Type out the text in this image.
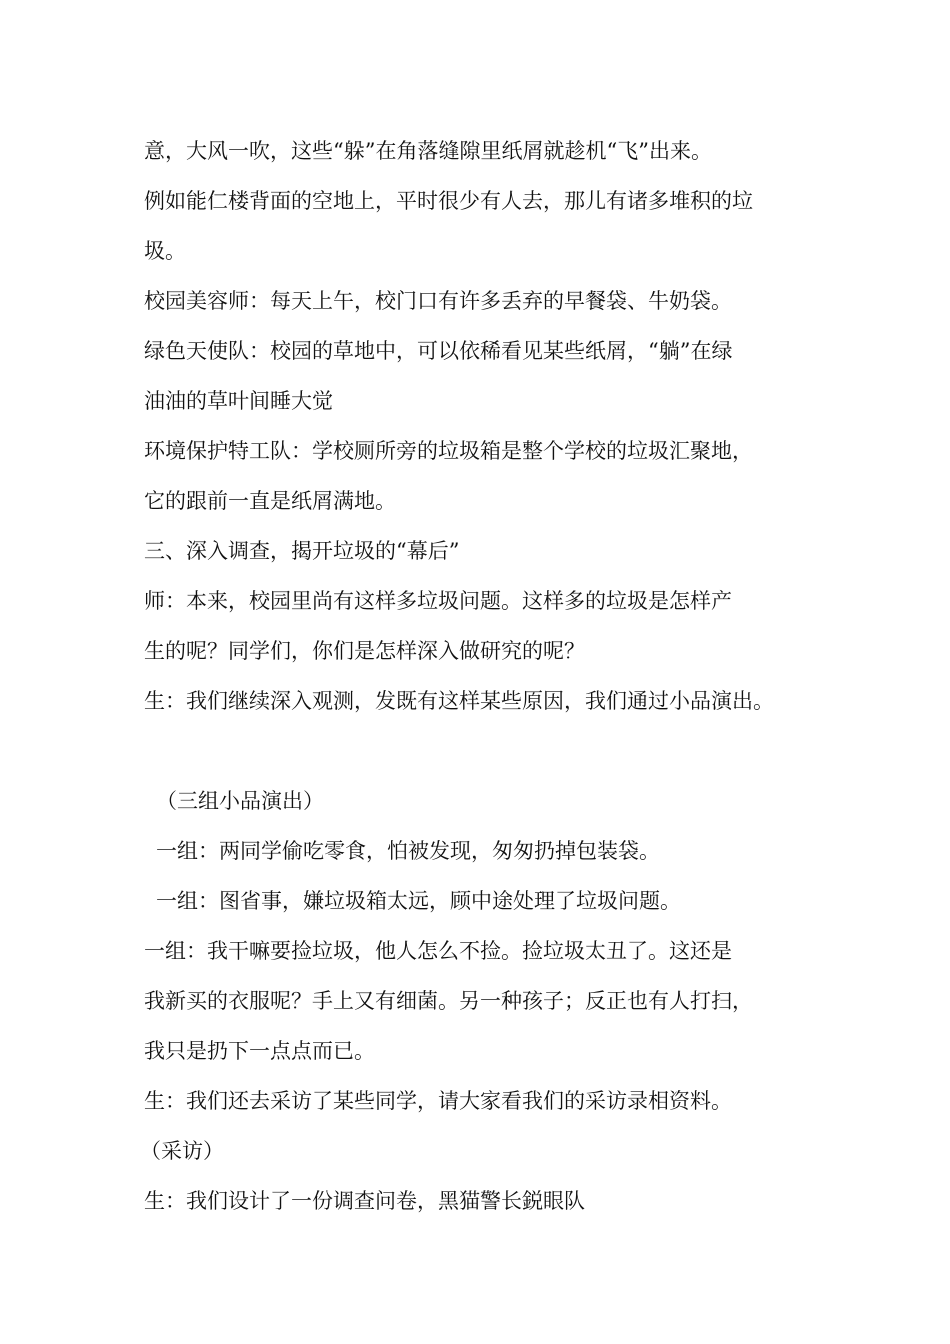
意，大风一吹，这些“躲”在角落缝隙里纸屑就趁机“飞”出来。
例如能仁楼背面的空地上，平时很少有人去，那儿有诸多堆积的垃
圾。
校园美容师：每天上午，校门口有许多丢弃的早餐袋、牛奶袋。
绿色天使队：校园的草地中，可以依稀看见某些纸屑，“躺”在绿
油油的草叶间睡大觉
环境保护特工队：学校厕所旁的垃圾箱是整个学校的垃圾汇聚地，
它的跟前一直是纸屑满地。
三、深入调查，揭开垃圾的“幕后”
师：本来，校园里尚有这样多垃圾问题。这样多的垃圾是怎样产
生的呢？同学们，你们是怎样深入做研究的呢？
生：我们继续深入观测，发既有这样某些原因，我们通过小品演出。
（三组小品演出）
一组：两同学偷吃零食，怕被发现，匆匆扔掉包装袋。
一组：图省事，嫌垃圾箱太远，顾中途处理了垃圾问题。
一组：我干嘛要捡垃圾，他人怎么不捡。捡垃圾太丑了。这还是
我新买的衣服呢？手上又有细菌。另一种孩子；反正也有人打扫，
我只是扔下一点点而已。
生：我们还去采访了某些同学，请大家看我们的采访录相资料。
（采访）
生：我们设计了一份调查问卷，黑猫警长鋭眼队
